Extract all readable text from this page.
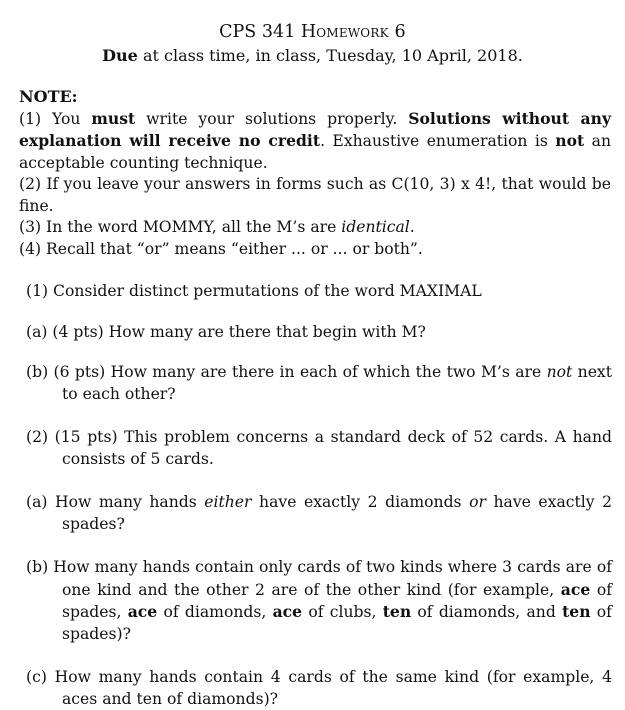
CPS 341 Homework 6
Due at class time, in class, Tuesday, 10 April, 2018.
NOTE:

(1) You must write your solutions properly. Solutions without any explanation will receive no credit. Exhaustive enumeration is not an acceptable counting technique.

(2) If you leave your answers in forms such as C(10, 3) x 4!, that would be fine.

(3) In the word MOMMY, all the M’s are identical.

(4) Recall that “or” means “either ... or ... or both”.

(1) Consider distinct permutations of the word MAXIMAL

(a) (4 pts) How many are there that begin with M?

(b) (6 pts) How many are there in each of which the two M’s are not next to each other?

(2) (15 pts) This problem concerns a standard deck of 52 cards. A hand consists of 5 cards.

(a) How many hands either have exactly 2 diamonds or have exactly 2 spades?

(b) How many hands contain only cards of two kinds where 3 cards are of one kind and the other 2 are of the other kind (for example, ace of spades, ace of diamonds, ace of clubs, ten of diamonds, and ten of spades)?

(c) How many hands contain 4 cards of the same kind (for example, 4 aces and ten of diamonds)?
